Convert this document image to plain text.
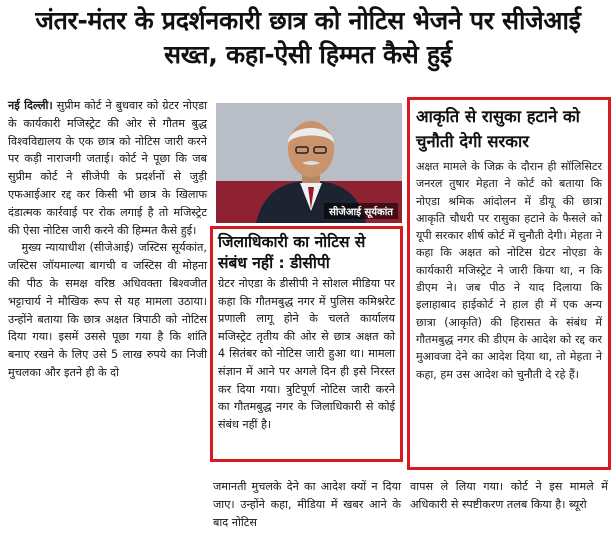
जंतर-मंतर के प्रदर्शनकारी छात्र को नोटिस भेजने पर सीजेआई सख्त, कहा-ऐसी हिम्मत कैसे हुई

नई दिल्ली। सुप्रीम कोर्ट ने बुधवार को ग्रेटर नोएडा के कार्यकारी मजिस्ट्रेट की ओर से गौतम बुद्ध विश्वविद्यालय के एक छात्र को नोटिस जारी करने पर कड़ी नाराजगी जताई। कोर्ट ने पूछा कि जब सुप्रीम कोर्ट ने सीजेपी के प्रदर्शनों से जुड़ी एफआईआर रद्द कर किसी भी छात्र के खिलाफ दंडात्मक कार्रवाई पर रोक लगाई है तो मजिस्ट्रेट की ऐसा नोटिस जारी करने की हिम्मत कैसे हुई।

मुख्य न्यायाधीश (सीजेआई) जस्टिस सूर्यकांत, जस्टिस जॉयमाल्या बागची व जस्टिस वी मोहना की पीठ के समक्ष वरिष्ठ अधिवक्ता बिश्वजीत भट्टाचार्य ने मौखिक रूप से यह मामला उठाया। उन्होंने बताया कि छात्र अक्षत त्रिपाठी को नोटिस दिया गया। इसमें उससे पूछा गया है कि शांति बनाए रखने के लिए उसे 5 लाख रुपये का निजी मुचलका और इतने ही के दो

सीजेआई सूर्यकांत
जिलाधिकारी का नोटिस से संबंध नहीं : डीसीपी

ग्रेटर नोएडा के डीसीपी ने सोशल मीडिया पर कहा कि गौतमबुद्ध नगर में पुलिस कमिश्नरेट प्रणाली लागू होने के चलते कार्यालय मजिस्ट्रेट तृतीय की ओर से छात्र अक्षत को 4 सितंबर को नोटिस जारी हुआ था। मामला संज्ञान में आने पर अगले दिन ही इसे निरस्त कर दिया गया। त्रुटिपूर्ण नोटिस जारी करने का गौतमबुद्ध नगर के जिलाधिकारी से कोई संबंध नहीं है।

आकृति से रासुका हटाने को चुनौती देगी सरकार

अक्षत मामले के जिक्र के दौरान ही सॉलिसिटर जनरल तुषार मेहता ने कोर्ट को बताया कि नोएडा श्रमिक आंदोलन में डीयू की छात्रा आकृति चौधरी पर रासुका हटाने के फैसले को यूपी सरकार शीर्ष कोर्ट में चुनौती देगी। मेहता ने कहा कि अक्षत को नोटिस ग्रेटर नोएडा के कार्यकारी मजिस्ट्रेट ने जारी किया था, न कि डीएम ने। जब पीठ ने याद दिलाया कि इलाहाबाद हाईकोर्ट ने हाल ही में एक अन्य छात्रा (आकृति) की हिरासत के संबंध में गौतमबुद्ध नगर की डीएम के आदेश को रद्द कर मुआवजा देने का आदेश दिया था, तो मेहता ने कहा, हम उस आदेश को चुनौती दे रहे हैं।

जमानती मुचलके देने का आदेश क्यों न दिया जाए। उन्होंने कहा, मीडिया में खबर आने के बाद नोटिस

वापस ले लिया गया। कोर्ट ने इस मामले में अधिकारी से स्पष्टीकरण तलब किया है। ब्यूरो
